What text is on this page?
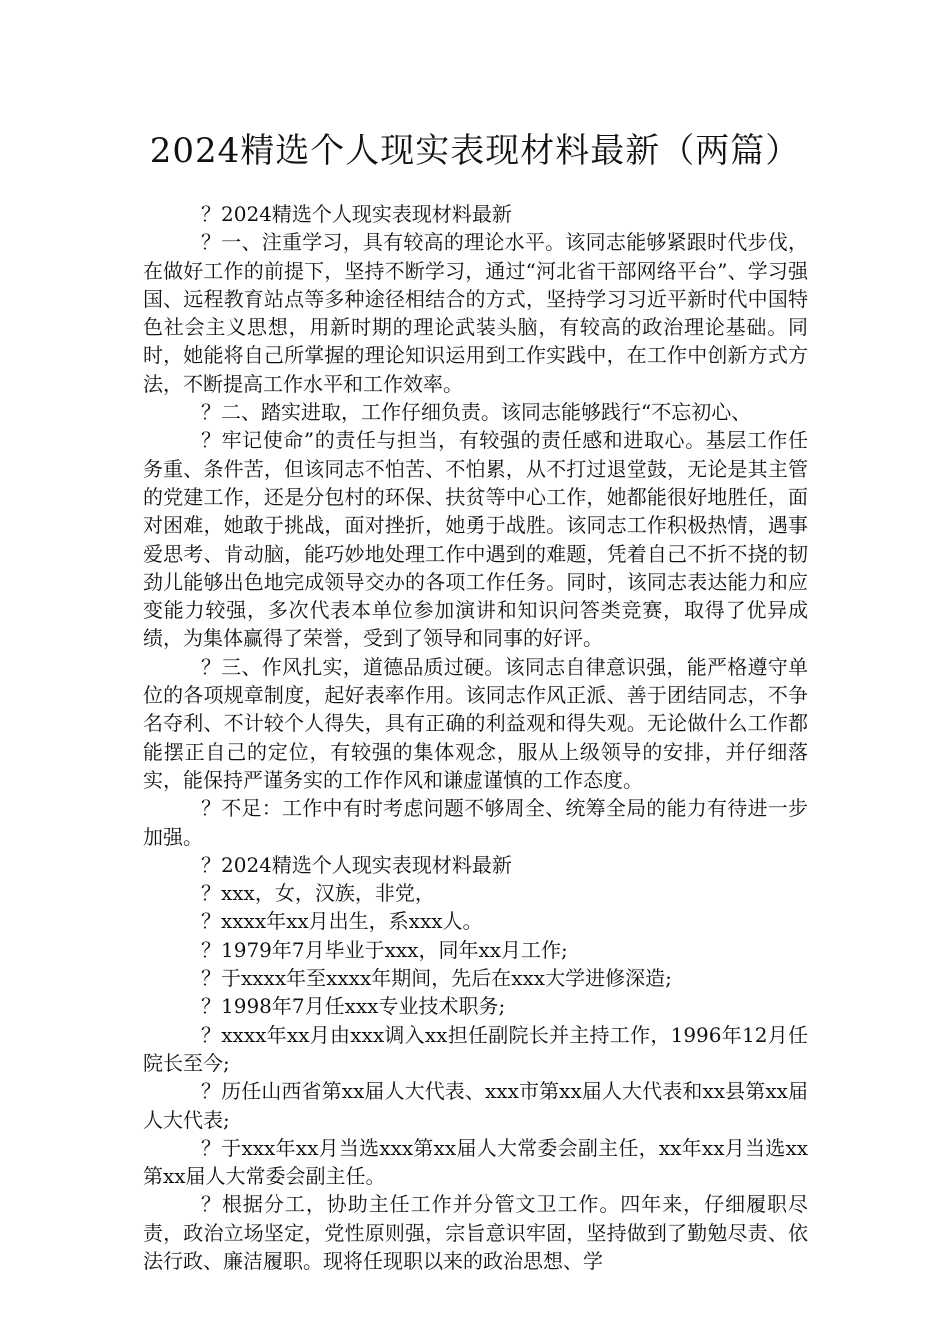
2024精选个人现实表现材料最新（两篇）

？2024精选个人现实表现材料最新

？一、注重学习，具有较高的理论水平。该同志能够紧跟时代步伐，在做好工作的前提下，坚持不断学习，通过“河北省干部网络平台”、学习强国、远程教育站点等多种途径相结合的方式，坚持学习习近平新时代中国特色社会主义思想，用新时期的理论武装头脑，有较高的政治理论基础。同时，她能将自己所掌握的理论知识运用到工作实践中，在工作中创新方式方法，不断提高工作水平和工作效率。

？二、踏实进取，工作仔细负责。该同志能够践行“不忘初心、

？牢记使命”的责任与担当，有较强的责任感和进取心。基层工作任务重、条件苦，但该同志不怕苦、不怕累，从不打过退堂鼓，无论是其主管的党建工作，还是分包村的环保、扶贫等中心工作，她都能很好地胜任，面对困难，她敢于挑战，面对挫折，她勇于战胜。该同志工作积极热情，遇事爱思考、肯动脑，能巧妙地处理工作中遇到的难题，凭着自己不折不挠的韧劲儿能够出色地完成领导交办的各项工作任务。同时，该同志表达能力和应变能力较强，多次代表本单位参加演讲和知识问答类竞赛，取得了优异成绩，为集体赢得了荣誉，受到了领导和同事的好评。

？三、作风扎实，道德品质过硬。该同志自律意识强，能严格遵守单位的各项规章制度，起好表率作用。该同志作风正派、善于团结同志，不争名夺利、不计较个人得失，具有正确的利益观和得失观。无论做什么工作都能摆正自己的定位，有较强的集体观念，服从上级领导的安排，并仔细落实，能保持严谨务实的工作作风和谦虚谨慎的工作态度。

？不足：工作中有时考虑问题不够周全、统筹全局的能力有待进一步加强。

？2024精选个人现实表现材料最新

？xxx，女，汉族，非党，

？xxxx年xx月出生，系xxx人。

？1979年7月毕业于xxx，同年xx月工作;

？于xxxx年至xxxx年期间，先后在xxx大学进修深造;

？1998年7月任xxx专业技术职务;

？xxxx年xx月由xxx调入xx担任副院长并主持工作，1996年12月任院长至今;

？历任山西省第xx届人大代表、xxx市第xx届人大代表和xx县第xx届人大代表;

？于xxx年xx月当选xxx第xx届人大常委会副主任，xx年xx月当选xx第xx届人大常委会副主任。

？根据分工，协助主任工作并分管文卫工作。四年来，仔细履职尽责，政治立场坚定，党性原则强，宗旨意识牢固，坚持做到了勤勉尽责、依法行政、廉洁履职。现将任现职以来的政治思想、学
